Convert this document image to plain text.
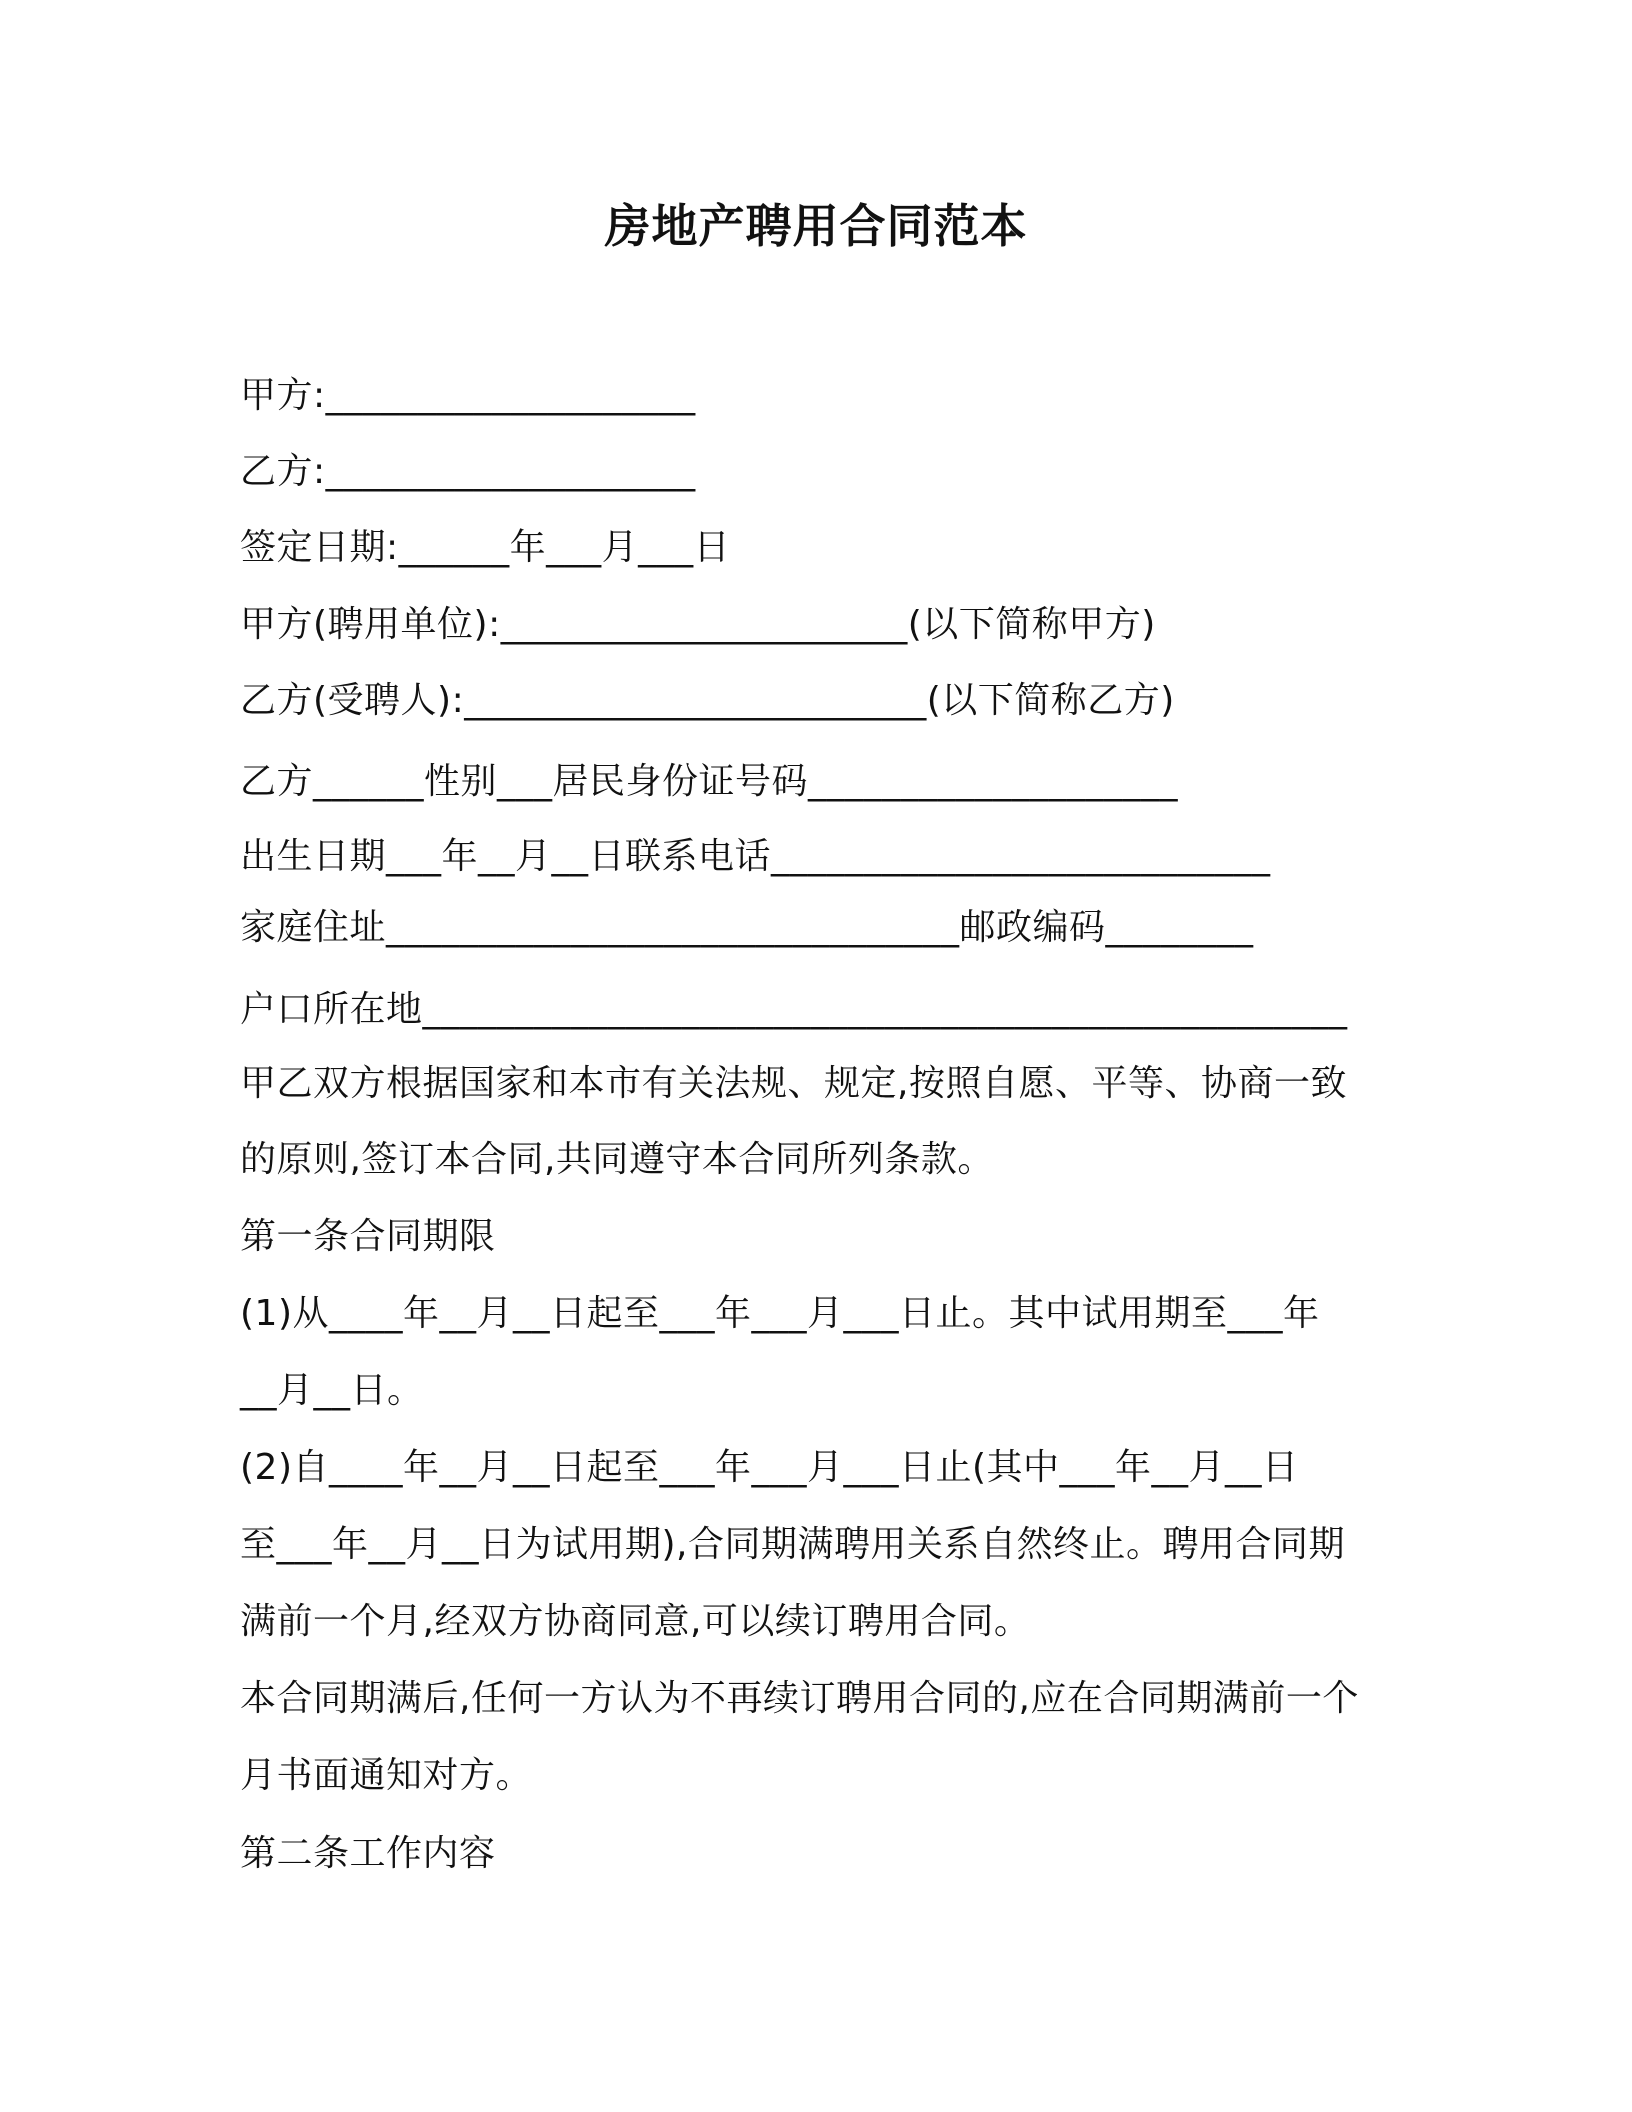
房地产聘用合同范本
甲方:____________________
乙方:____________________
签定日期:______年___月___日
甲方(聘用单位):______________________(以下简称甲方)
乙方(受聘人):_________________________(以下简称乙方)
乙方______性别___居民身份证号码____________________
出生日期___年__月__日联系电话___________________________
家庭住址_______________________________邮政编码________
户口所在地__________________________________________________
甲乙双方根据国家和本市有关法规、规定,按照自愿、平等、协商一致
的原则,签订本合同,共同遵守本合同所列条款。
第一条合同期限
(1)从____年__月__日起至___年___月___日止。其中试用期至___年
__月__日。
(2)自____年__月__日起至___年___月___日止(其中___年__月__日
至___年__月__日为试用期),合同期满聘用关系自然终止。聘用合同期
满前一个月,经双方协商同意,可以续订聘用合同。
本合同期满后,任何一方认为不再续订聘用合同的,应在合同期满前一个
月书面通知对方。
第二条工作内容
